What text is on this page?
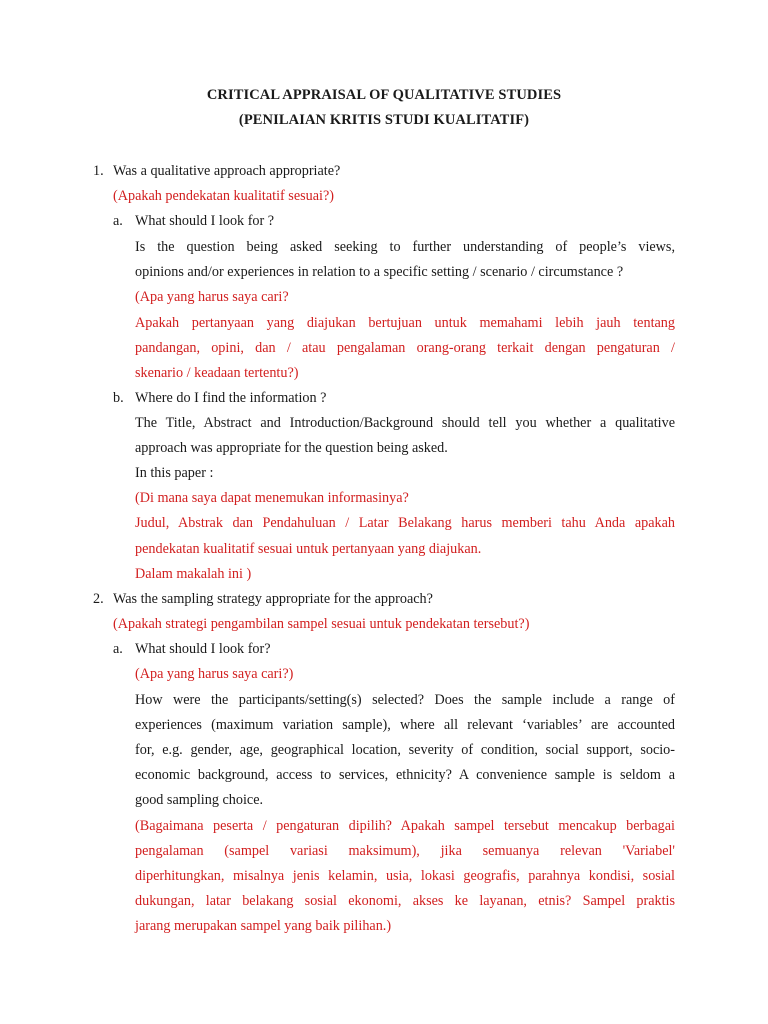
CRITICAL APPRAISAL OF QUALITATIVE STUDIES
(PENILAIAN KRITIS STUDI KUALITATIF)
1. Was a qualitative approach appropriate?
(Apakah pendekatan kualitatif sesuai?)
a. What should I look for ?
Is the question being asked seeking to further understanding of people’s views,
opinions and/or experiences in relation to a specific setting / scenario / circumstance ?
(Apa yang harus saya cari?
Apakah pertanyaan yang diajukan bertujuan untuk memahami lebih jauh tentang
pandangan, opini, dan / atau pengalaman orang-orang terkait dengan pengaturan /
skenario / keadaan tertentu?)
b. Where do I find the information ?
The Title, Abstract and Introduction/Background should tell you whether a qualitative
approach was appropriate for the question being asked.
In this paper :
(Di mana saya dapat menemukan informasinya?
Judul, Abstrak dan Pendahuluan / Latar Belakang harus memberi tahu Anda apakah
pendekatan kualitatif sesuai untuk pertanyaan yang diajukan.
Dalam makalah ini )
2. Was the sampling strategy appropriate for the approach?
(Apakah strategi pengambilan sampel sesuai untuk pendekatan tersebut?)
a. What should I look for?
(Apa yang harus saya cari?)
How were the participants/setting(s) selected? Does the sample include a range of
experiences (maximum variation sample), where all relevant ‘variables’ are accounted
for, e.g. gender, age, geographical location, severity of condition, social support, socio-
economic background, access to services, ethnicity? A convenience sample is seldom a
good sampling choice.
(Bagaimana peserta / pengaturan dipilih? Apakah sampel tersebut mencakup berbagai
pengalaman (sampel variasi maksimum), jika semuanya relevan 'Variabel'
diperhitungkan, misalnya jenis kelamin, usia, lokasi geografis, parahnya kondisi, sosial
dukungan, latar belakang sosial ekonomi, akses ke layanan, etnis? Sampel praktis
jarang merupakan sampel yang baik pilihan.)
